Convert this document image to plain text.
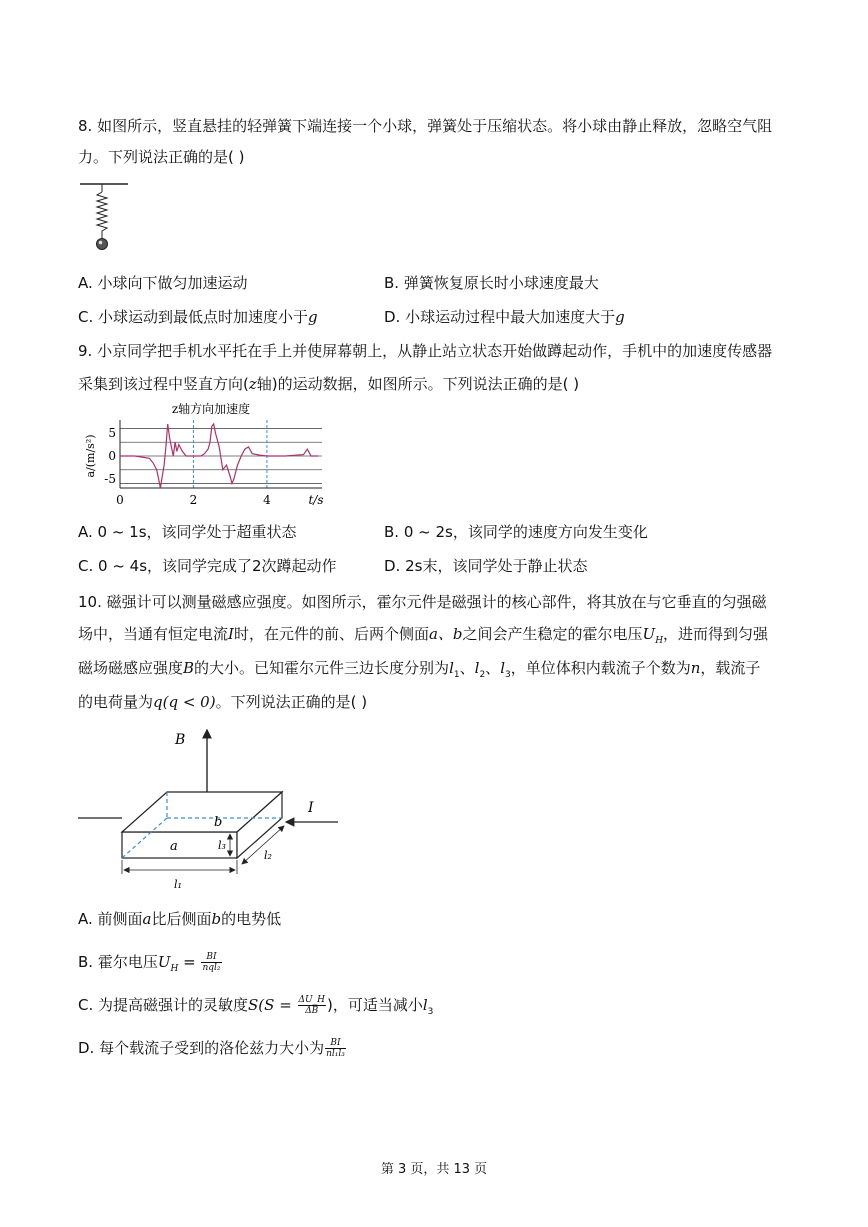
8. 如图所示，竖直悬挂的轻弹簧下端连接一个小球，弹簧处于压缩状态。将小球由静止释放，忽略空气阻
力。下列说法正确的是( )
A. 小球向下做匀加速运动	B. 弹簧恢复原长时小球速度最大
C. 小球运动到最低点时加速度小于g	D. 小球运动过程中最大加速度大于g
9. 小京同学把手机水平托在手上并使屏幕朝上，从静止站立状态开始做蹲起动作，手机中的加速度传感器
采集到该过程中竖直方向(z轴)的运动数据，如图所示。下列说法正确的是( )
z轴方向加速度
5
0
-5
0	2	4	t/s
a/(m/s²)
A. 0 ~ 1s，该同学处于超重状态	B. 0 ~ 2s，该同学的速度方向发生变化
C. 0 ~ 4s，该同学完成了2次蹲起动作	D. 2s末，该同学处于静止状态
10. 磁强计可以测量磁感应强度。如图所示，霍尔元件是磁强计的核心部件，将其放在与它垂直的匀强磁
场中，当通有恒定电流I时，在元件的前、后两个侧面a、b之间会产生稳定的霍尔电压$U_H$，进而得到匀强
磁场磁感应强度B的大小。已知霍尔元件三边长度分别为$l_1$、$l_2$、$l_3$，单位体积内载流子个数为n，载流子
的电荷量为q(q < 0)。下列说法正确的是( )
B
I
b
a	l₃
l₂
l₁
A. 前侧面a比后侧面b的电势低
B. 霍尔电压$U_H = \frac{BI}{\text{nql₂}}$
C. 为提高磁强计的灵敏度$S(S = \frac{\Delta U\_H}{\Delta B}$ )，可适当减小$l_3$
D. 每个载流子受到的洛伦兹力大小为 $\frac{BI}{\text{nl₁l₃}}$
第 3 页，共 13 页
